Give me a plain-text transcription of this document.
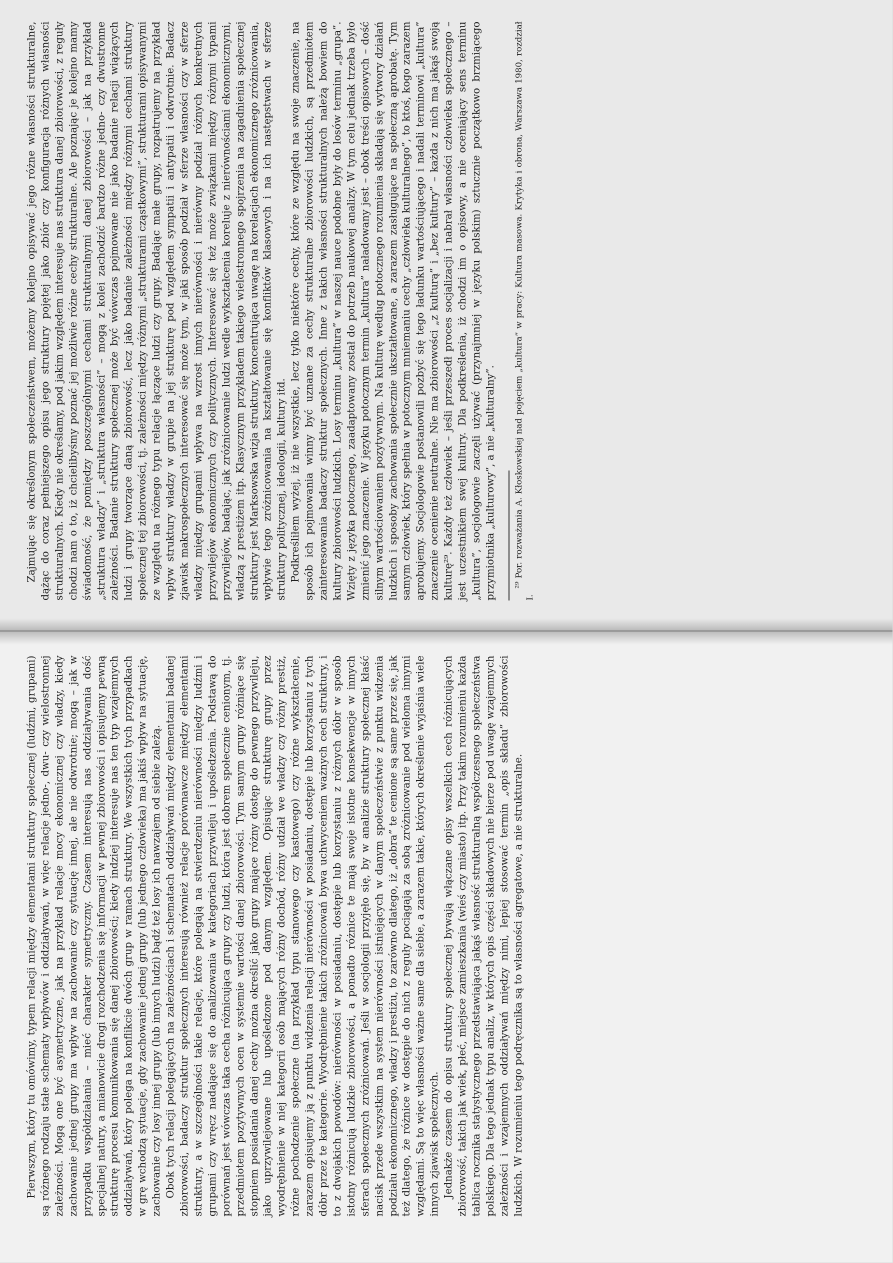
Pierwszym, który tu omówimy, typem relacji między elementami struktury społecznej (ludźmi, grupami) są różnego rodzaju stałe schematy wpływów i oddziaływań, w więc relacje jedno-, dwu- czy wielostronnej zależności. Mogą one być asymetryczne, jak na przykład relacje mocy ekonomicznej czy władzy, kiedy zachowanie jednej grupy ma wpływ na zachowanie czy sytuację innej, ale nie odwrotnie; mogą – jak w przypadku współdziałania – mieć charakter symetryczny. Czasem interesują nas oddziaływania dość specjalnej natury, a mianowicie drogi rozchodzenia się informacji w pewnej zbiorowości i opisujemy pewną strukturę procesu komunikowania się danej zbiorowości; kiedy indziej interesuje nas ten typ wzajemnych oddziaływań, który polega na konflikcie dwóch grup w ramach struktury. We wszystkich tych przypadkach w grę wchodzą sytuacje, gdy zachowanie jednej grupy (lub jednego człowieka) ma jakiś wpływ na sytuację, zachowanie czy losy innej grupy (lub innych ludzi) bądź też losy ich nawzajem od siebie zależą. Obok tych relacji polegających na zależnościach i schematach oddziaływań między elementami badanej zbiorowości, badaczy struktur społecznych interesują również relacje porównawcze między elementami struktury, a w szczególności takie relacje, które polegają na stwierdzeniu nierówności między ludźmi i grupami czy wręcz nadające się do analizowania w kategoriach przywileju i upośledzenia. Podstawą do porównań jest wówczas taka cecha różnicująca grupy czy ludzi, która jest dobrem społecznie cenionym, tj. przedmiotem pozytywnych ocen w systemie wartości danej zbiorowości. Tym samym grupy różniące się stopniem posiadania danej cechy można określić jako grupy mające różny dostęp do pewnego przywileju, jako uprzywilejowane lub upośledzone pod danym względem. Opisując strukturę grupy przez wyodrębnienie w niej kategorii osób mających różny dochód, różny udział we władzy czy różny prestiż, różne pochodzenie społeczne (na przykład typu stanowego czy kastowego) czy różne wykształcenie, zarazem opisujemy ją z punktu widzenia relacji nierówności w posiadaniu, dostępie lub korzystaniu z tych dóbr przez te kategorie. Wyodrębnienie takich zróżnicowań bywa uchwyceniem ważnych cech struktury, i to z dwojakich powodów: nierówności w posiadaniu, dostępie lub korzystaniu z różnych dóbr w sposób istotny różnicują ludzkie zbiorowości, a ponadto różnice te mają swoje istotne konsekwencje w innych sferach społecznych zróżnicowań. Jeśli w socjologii przyjęło się, by w analizie struktury społecznej kłaść nacisk przede wszystkim na system nierówności istniejących w danym społeczeństwie z punktu widzenia podziału ekonomicznego, władzy i prestiżu, to zarówno dlatego, iż „dobra” te cenione są same przez się, jak też dlatego, że różnice w dostępie do nich z reguły pociągają za sobą zróżnicowanie pod wieloma innymi względami. Są to więc własności ważne same dla siebie, a zarazem takie, których określenie wyjaśnia wiele innych zjawisk społecznych. Jednakże czasem do opisu struktury społecznej bywają włączane opisy wszelkich cech różnicujących zbiorowość, takich jak wiek, płeć, miejsce zamieszkania (wieś czy miasto) itp. Przy takim rozumieniu każda tablica rocznika statystycznego przedstawiająca jakąś własność strukturalną współczesnego społeczeństwa polskiego. Dla tego jednak typu analiz, w których opis części składowych nie bierze pod uwagę wzajemnych zależności i wzajemnych oddziaływań między nimi, lepiej stosować termin „opis składu” zbiorowości ludzkich. W rozumieniu tego podręcznika są to własności agregatowe, a nie strukturalne.

Zajmując się określonym społeczeństwem, możemy kolejno opisywać jego różne własności strukturalne, dążąc do coraz pełniejszego opisu jego struktury pojętej jako zbiór czy konfiguracja różnych własności strukturalnych. Kiedy nie określamy, pod jakim względem interesuje nas struktura danej zbiorowości, z reguły chodzi nam o to, iż chcielibyśmy poznać jej możliwie różne cechy strukturalne. Ale poznając je kolejno mamy świadomość, że pomiędzy poszczególnymi cechami strukturalnymi danej zbiorowości – jak na przykład „struktura władzy” i „struktura własności” – mogą z kolei zachodzić bardzo różne jedno- czy dwustronne zależności. Badanie struktury społecznej może być wówczas pojmowane nie jako badanie relacji wiążących ludzi i grupy tworzące daną zbiorowość, lecz jako badanie zależności między różnymi cechami struktury społecznej tej zbiorowości, tj. zależności między różnymi „strukturami cząstkowymi”, strukturami opisywanymi ze względu na różnego typu relacje łączące ludzi czy grupy. Badając małe grupy, rozpatrujemy na przykład wpływ struktury władzy w grupie na jej strukturę pod względem sympatii i antypatii i odwrotnie. Badacz zjawisk makrospołecznych interesować się może tym, w jaki sposób podział w sferze własności czy w sferze władzy między grupami wpływa na wzrost innych nierówności i nierówny podział różnych konkretnych przywilejów ekonomicznych czy politycznych. Interesować się też może związkami między różnymi typami przywilejów, badając, jak zróżnicowanie ludzi wedle wykształcenia koreluje z nierównościami ekonomicznymi, władzą z prestiżem itp. Klasycznym przykładem takiego wielostronnego spojrzenia na zagadnienia społecznej struktury jest Marksowska wizja struktury, koncentrująca uwagę na korelacjach ekonomicznego zróżnicowania, wpływie tego zróżnicowania na kształtowanie się konfliktów klasowych i na ich następstwach w sferze struktury politycznej, ideologii, kultury itd. Podkreśliłem wyżej, iż nie wszystkie, lecz tylko niektóre cechy, które ze względu na swoje znaczenie, na sposób ich pojmowania winny być uznane za cechy strukturalne zbiorowości ludzkich, są przedmiotem zainteresowania badaczy struktur społecznych. Inne z takich własności strukturalnych należą bowiem do kultury zbiorowości ludzkich. Losy terminu „kultura” w naszej nauce podobne były do losów terminu „grupa”. Wzięty z języka potocznego, zaadaptowany został do potrzeb naukowej analizy. W tym celu jednak trzeba było zmienić jego znaczenie. W języku potocznym termin „kultura” naładowany jest – obok treści opisowych – dość silnym wartościowaniem pozytywnym. Na kulturę według potocznego rozumienia składają się wytwory działań ludzkich i sposoby zachowania społecznie ukształtowane, a zarazem zasługujące na społeczną aprobatę. Tym samym człowiek, który spełnia w potocznym mniemaniu cechy „człowieka kulturalnego”, to ktoś, kogo zarazem aprobujemy. Socjologowie postanowili pozbyć się tego ładunku wartościującego i nadali terminowi „kultura” znaczenie ocenienie neutralne. Nie ma zbiorowości „z kulturą” i „bez kultury” – każda z nich ma jakąś swoją kulturę²⁹. Każdy też człowiek – jeśli przeszedł proces socjalizacji i nabrał własności człowieka społecznego – jest uczestnikiem swej kultury. Dla podkreślenia, iż chodzi im o opisowy, a nie oceniający sens terminu „kultura”, socjologowie zaczęli używać (przynajmniej w języku polskim) sztucznie początkowo brzmiącego przymiotnika „kulturowy”, a nie „kulturalny”. ²⁹ Por. rozważania A. Kłoskowskiej nad pojęciem „kultura” w pracy: Kultura masowa. Krytyka i obrona, Warszawa 1980, rozdział I.
